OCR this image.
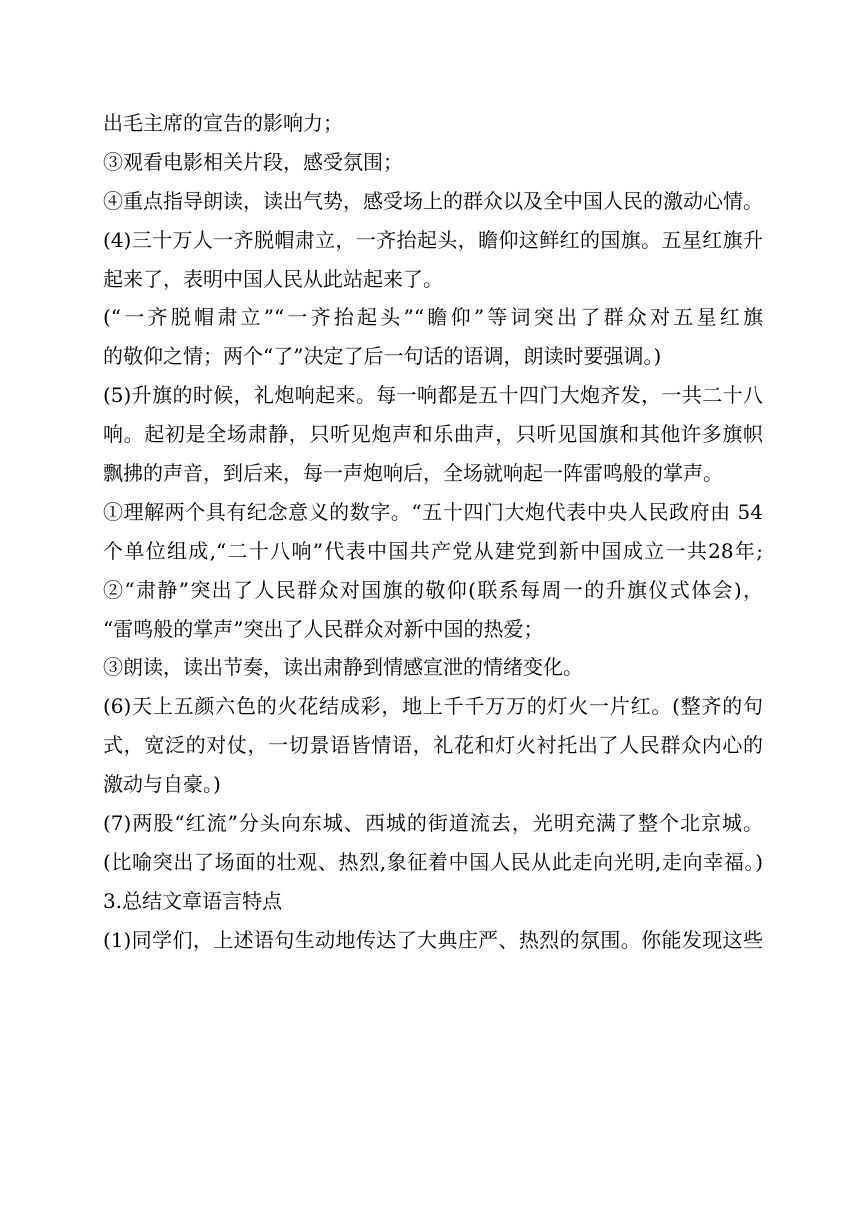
出毛主席的宣告的影响力；
③观看电影相关片段，感受氛围；
④重点指导朗读，读出气势，感受场上的群众以及全中国人民的激动心情。
(4)三十万人一齐脱帽肃立，一齐抬起头，瞻仰这鲜红的国旗。五星红旗升
起来了，表明中国人民从此站起来了。
(“一齐脱帽肃立”“一齐抬起头”“瞻仰”等词突出了群众对五星红旗
的敬仰之情；两个“了”决定了后一句话的语调，朗读时要强调。)
(5)升旗的时候，礼炮响起来。每一响都是五十四门大炮齐发，一共二十八
响。起初是全场肃静，只听见炮声和乐曲声，只听见国旗和其他许多旗帜
飘拂的声音，到后来，每一声炮响后，全场就响起一阵雷鸣般的掌声。
①理解两个具有纪念意义的数字。“五十四门大炮代表中央人民政府由 54
个单位组成,“二十八响”代表中国共产党从建党到新中国成立一共28年;
②“肃静”突出了人民群众对国旗的敬仰(联系每周一的升旗仪式体会)，
“雷鸣般的掌声”突出了人民群众对新中国的热爱；
③朗读，读出节奏，读出肃静到情感宣泄的情绪变化。
(6)天上五颜六色的火花结成彩，地上千千万万的灯火一片红。(整齐的句
式，宽泛的对仗，一切景语皆情语，礼花和灯火衬托出了人民群众内心的
激动与自豪。)
(7)两股“红流”分头向东城、西城的街道流去，光明充满了整个北京城。
(比喻突出了场面的壮观、热烈,象征着中国人民从此走向光明,走向幸福。)
3.总结文章语言特点
(1)同学们，上述语句生动地传达了大典庄严、热烈的氛围。你能发现这些
